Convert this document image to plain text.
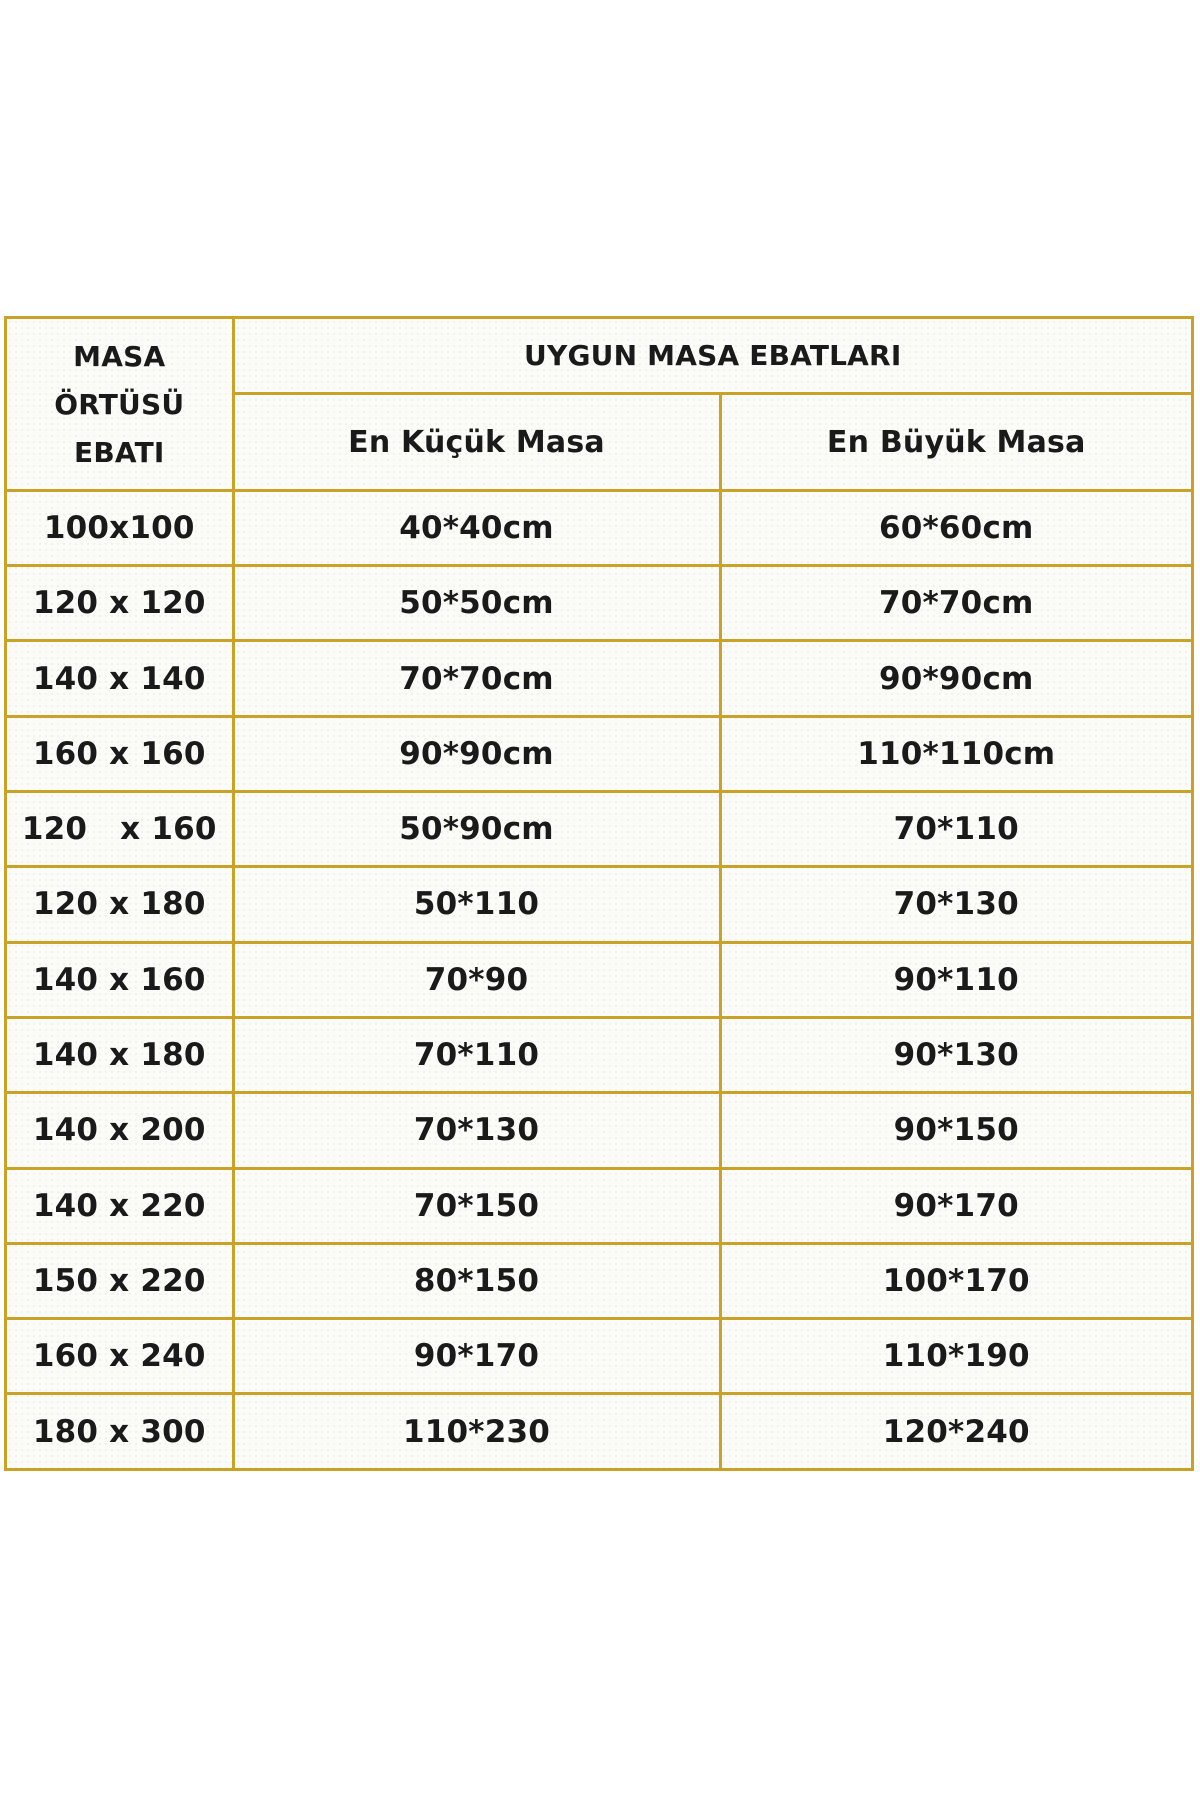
MASA
ÖRTÜSÜ
EBATI	UYGUN MASA EBATLARI	
	En Küçük Masa	En Büyük Masa
100x100	40*40cm	60*60cm
120 x 120	50*50cm	70*70cm
140 x 140	70*70cm	90*90cm
160 x 160	90*90cm	110*110cm
120   x 160	50*90cm	70*110
120 x 180	50*110	70*130
140 x 160	70*90	90*110
140 x 180	70*110	90*130
140 x 200	70*130	90*150
140 x 220	70*150	90*170
150 x 220	80*150	100*170
160 x 240	90*170	110*190
180 x 300	110*230	120*240
